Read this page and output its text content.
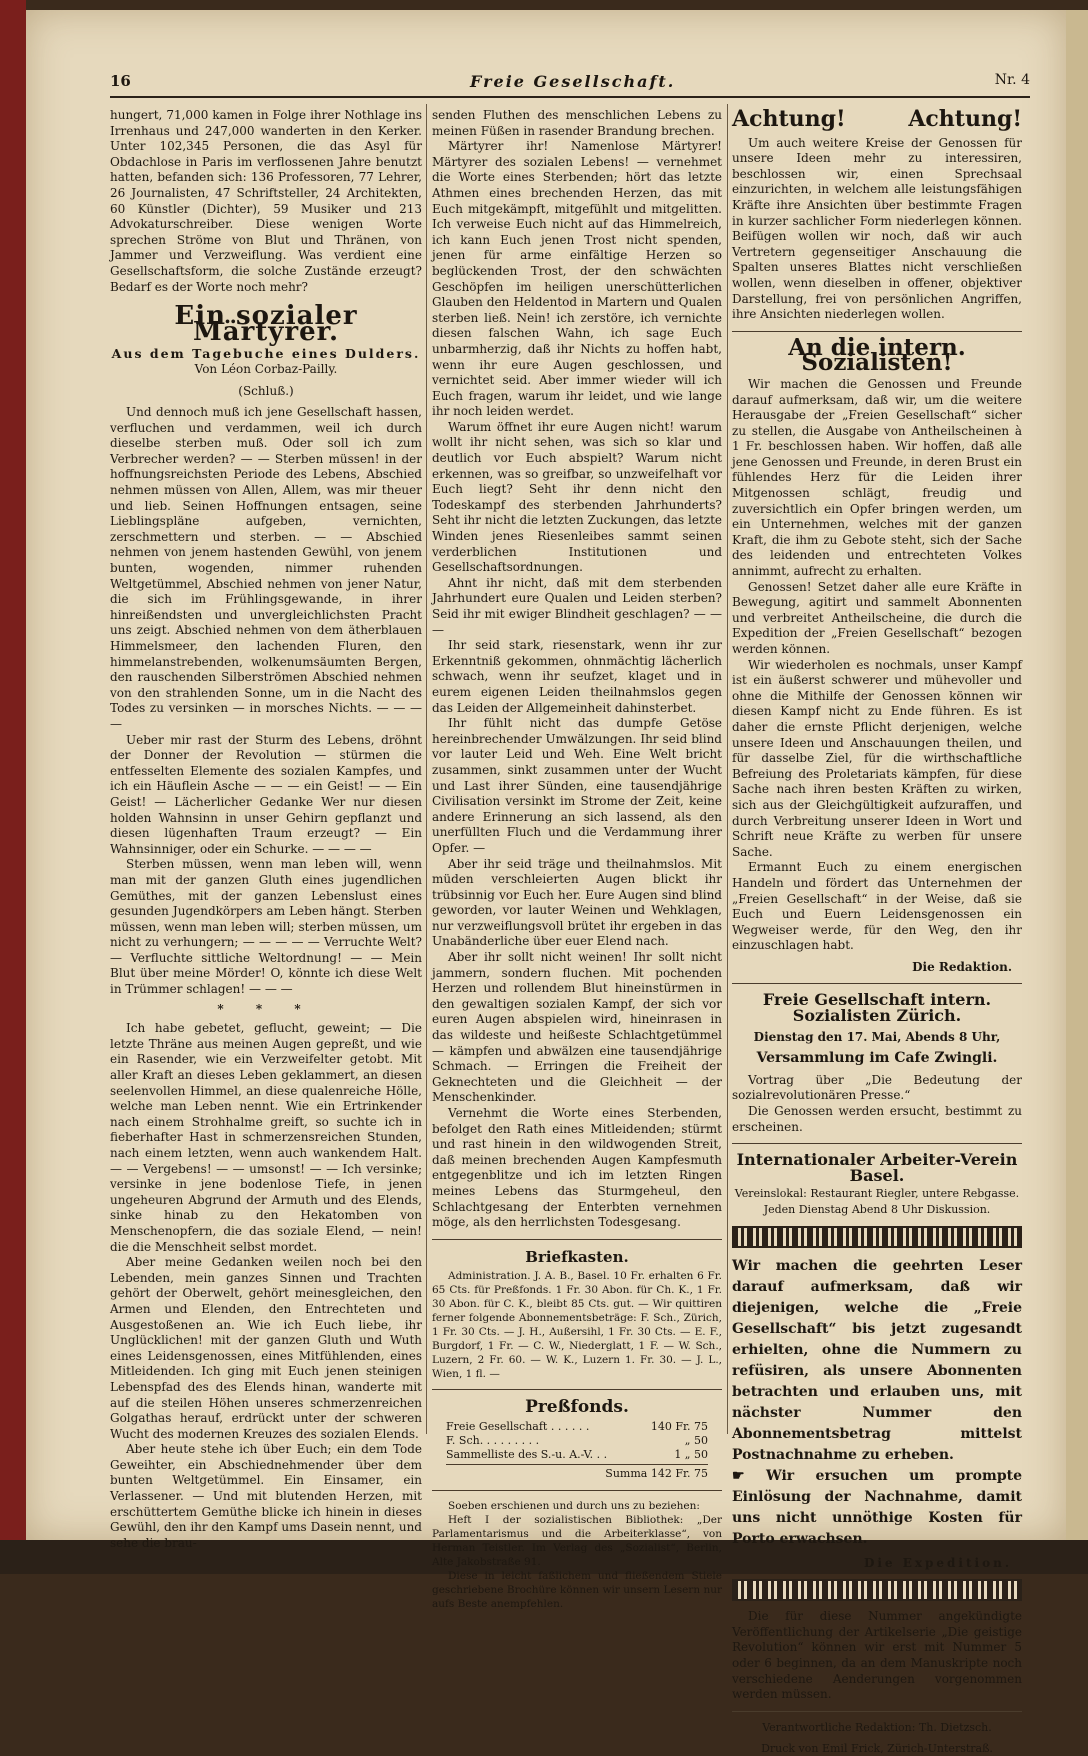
16	Freie Gesellschaft.	Nr. 4

hungert, 71,000 kamen in Folge ihrer Nothlage ins Irrenhaus und 247,000 wanderten in den Kerker. Unter 102,345 Personen, die das Asyl für Obdachlose in Paris im verflossenen Jahre benutzt hatten, befanden sich: 136 Professoren, 77 Lehrer, 26 Journalisten, 47 Schriftsteller, 24 Architekten, 60 Künstler (Dichter), 59 Musiker und 213 Advokaturschreiber. Diese wenigen Worte sprechen Ströme von Blut und Thränen, von Jammer und Verzweiflung. Was verdient eine Gesellschaftsform, die solche Zustände erzeugt? Bedarf es der Worte noch mehr?

Ein sozialer Märtyrer.
Aus dem Tagebuche eines Dulders.
Von Léon Corbaz-Pailly.

(Schluß.)

Und dennoch muß ich jene Gesellschaft hassen, verfluchen und verdammen, weil ich durch dieselbe sterben muß. Oder soll ich zum Verbrecher werden? — — Sterben müssen! in der hoffnungsreichsten Periode des Lebens, Abschied nehmen müssen von Allen, Allem, was mir theuer und lieb. Seinen Hoffnungen entsagen, seine Lieblingspläne aufgeben, vernichten, zerschmettern und sterben. — — Abschied nehmen von jenem hastenden Gewühl, von jenem bunten, wogenden, nimmer ruhenden Weltgetümmel, Abschied nehmen von jener Natur, die sich im Frühlingsgewande, in ihrer hinreißendsten und unvergleichlichsten Pracht uns zeigt. Abschied nehmen von dem ätherblauen Himmelsmeer, den lachenden Fluren, den himmelanstrebenden, wolkenumsäumten Bergen, den rauschenden Silberströmen Abschied nehmen von den strahlenden Sonne, um in die Nacht des Todes zu versinken — in morsches Nichts. — — — —

Ueber mir rast der Sturm des Lebens, dröhnt der Donner der Revolution — stürmen die entfesselten Elemente des sozialen Kampfes, und ich ein Häuflein Asche — — — ein Geist! — — Ein Geist! — Lächerlicher Gedanke Wer nur diesen holden Wahnsinn in unser Gehirn gepflanzt und diesen lügenhaften Traum erzeugt? — Ein Wahnsinniger, oder ein Schurke. — — — —

Sterben müssen, wenn man leben will, wenn man mit der ganzen Gluth eines jugendlichen Gemüthes, mit der ganzen Lebenslust eines gesunden Jugendkörpers am Leben hängt. Sterben müssen, wenn man leben will; sterben müssen, um nicht zu verhungern; — — — — — Verruchte Welt? — Verfluchte sittliche Weltordnung! — — Mein Blut über meine Mörder! O, könnte ich diese Welt in Trümmer schlagen! — — —

* * *

Ich habe gebetet, geflucht, geweint; — Die letzte Thräne aus meinen Augen gepreßt, und wie ein Rasender, wie ein Verzweifelter getobt. Mit aller Kraft an dieses Leben geklammert, an diesen seelenvollen Himmel, an diese qualenreiche Hölle, welche man Leben nennt. Wie ein Ertrinkender nach einem Strohhalme greift, so suchte ich in fieberhafter Hast in schmerzensreichen Stunden, nach einem letzten, wenn auch wankendem Halt. — — Vergebens! — — umsonst! — — Ich versinke; versinke in jene bodenlose Tiefe, in jenen ungeheuren Abgrund der Armuth und des Elends, sinke hinab zu den Hekatomben von Menschenopfern, die das soziale Elend, — nein! die die Menschheit selbst mordet.

Aber meine Gedanken weilen noch bei den Lebenden, mein ganzes Sinnen und Trachten gehört der Oberwelt, gehört meinesgleichen, den Armen und Elenden, den Entrechteten und Ausgestoßenen an. Wie ich Euch liebe, ihr Unglücklichen! mit der ganzen Gluth und Wuth eines Leidensgenossen, eines Mitfühlenden, eines Mitleidenden. Ich ging mit Euch jenen steinigen Lebenspfad des des Elends hinan, wanderte mit auf die steilen Höhen unseres schmerzenreichen Golgathas herauf, erdrückt unter der schweren Wucht des modernen Kreuzes des sozialen Elends.

Aber heute stehe ich über Euch; ein dem Tode Geweihter, ein Abschiednehmender über dem bunten Weltgetümmel. Ein Einsamer, ein Verlassener. — Und mit blutenden Herzen, mit erschüttertem Gemüthe blicke ich hinein in dieses Gewühl, den ihr den Kampf ums Dasein nennt, und sehe die brau-

senden Fluthen des menschlichen Lebens zu meinen Füßen in rasender Brandung brechen.

Märtyrer ihr! Namenlose Märtyrer! Märtyrer des sozialen Lebens! — vernehmet die Worte eines Sterbenden; hört das letzte Athmen eines brechenden Herzen, das mit Euch mitgekämpft, mitgefühlt und mitgelitten. Ich verweise Euch nicht auf das Himmelreich, ich kann Euch jenen Trost nicht spenden, jenen für arme einfältige Herzen so beglückenden Trost, der den schwächten Geschöpfen im heiligen unerschütterlichen Glauben den Heldentod in Martern und Qualen sterben ließ. Nein! ich zerstöre, ich vernichte diesen falschen Wahn, ich sage Euch unbarmherzig, daß ihr Nichts zu hoffen habt, wenn ihr eure Augen geschlossen, und vernichtet seid. Aber immer wieder will ich Euch fragen, warum ihr leidet, und wie lange ihr noch leiden werdet.

Warum öffnet ihr eure Augen nicht! warum wollt ihr nicht sehen, was sich so klar und deutlich vor Euch abspielt? Warum nicht erkennen, was so greifbar, so unzweifelhaft vor Euch liegt? Seht ihr denn nicht den Todeskampf des sterbenden Jahrhunderts? Seht ihr nicht die letzten Zuckungen, das letzte Winden jenes Riesenleibes sammt seinen verderblichen Institutionen und Gesellschaftsordnungen.

Ahnt ihr nicht, daß mit dem sterbenden Jahrhundert eure Qualen und Leiden sterben? Seid ihr mit ewiger Blindheit geschlagen? — — —

Ihr seid stark, riesenstark, wenn ihr zur Erkenntniß gekommen, ohnmächtig lächerlich schwach, wenn ihr seufzet, klaget und in eurem eigenen Leiden theilnahmslos gegen das Leiden der Allgemeinheit dahinsterbet.

Ihr fühlt nicht das dumpfe Getöse hereinbrechender Umwälzungen. Ihr seid blind vor lauter Leid und Weh. Eine Welt bricht zusammen, sinkt zusammen unter der Wucht und Last ihrer Sünden, eine tausendjährige Civilisation versinkt im Strome der Zeit, keine andere Erinnerung an sich lassend, als den unerfüllten Fluch und die Verdammung ihrer Opfer. —

Aber ihr seid träge und theilnahmslos. Mit müden verschleierten Augen blickt ihr trübsinnig vor Euch her. Eure Augen sind blind geworden, vor lauter Weinen und Wehklagen, nur verzweiflungsvoll brütet ihr ergeben in das Unabänderliche über euer Elend nach.

Aber ihr sollt nicht weinen! Ihr sollt nicht jammern, sondern fluchen. Mit pochenden Herzen und rollendem Blut hineinstürmen in den gewaltigen sozialen Kampf, der sich vor euren Augen abspielen wird, hineinrasen in das wildeste und heißeste Schlachtgetümmel — kämpfen und abwälzen eine tausendjährige Schmach. — Erringen die Freiheit der Geknechteten und die Gleichheit — der Menschenkinder.

Vernehmt die Worte eines Sterbenden, befolget den Rath eines Mitleidenden; stürmt und rast hinein in den wildwogenden Streit, daß meinen brechenden Augen Kampfesmuth entgegenblitze und ich im letzten Ringen meines Lebens das Sturmgeheul, den Schlachtgesang der Enterbten vernehmen möge, als den herrlichsten Todesgesang.

Briefkasten.

Administration. J. A. B., Basel. 10 Fr. erhalten 6 Fr. 65 Cts. für Preßfonds. 1 Fr. 30 Abon. für Ch. K., 1 Fr. 30 Abon. für C. K., bleibt 85 Cts. gut. — Wir quittiren ferner folgende Abonnementsbeträge: F. Sch., Zürich, 1 Fr. 30 Cts. — J. H., Außersihl, 1 Fr. 30 Cts. — E. F., Burgdorf, 1 Fr. — C. W., Niederglatt, 1 F. — W. Sch., Luzern, 2 Fr. 60. — W. K., Luzern 1. Fr. 30. — J. L., Wien, 1 fl. —

Preßfonds.
Freie Gesellschaft . . . . . .	140 Fr. 75
F. Sch. . . . . . . . .	„ 50
Sammelliste des S.-u. A.-V. . .	1 „ 50
Summa 142 Fr. 75

Soeben erschienen und durch uns zu beziehen:

Heft I der sozialistischen Bibliothek: „Der Parlamentarismus und die Arbeiterklasse“, von Herman Teistler. Im Verlag des „Sozialist“, Berlin, Alte Jakobstraße 91.

Diese in leicht faßlichem und fließendem Stiele geschriebene Brochüre können wir unsern Lesern nur aufs Beste anempfehlen.

Achtung!	Achtung!

Um auch weitere Kreise der Genossen für unsere Ideen mehr zu interessiren, beschlossen wir, einen Sprechsaal einzurichten, in welchem alle leistungsfähigen Kräfte ihre Ansichten über bestimmte Fragen in kurzer sachlicher Form niederlegen können. Beifügen wollen wir noch, daß wir auch Vertretern gegenseitiger Anschauung die Spalten unseres Blattes nicht verschließen wollen, wenn dieselben in offener, objektiver Darstellung, frei von persönlichen Angriffen, ihre Ansichten niederlegen wollen.

An die intern. Sozialisten!

Wir machen die Genossen und Freunde darauf aufmerksam, daß wir, um die weitere Herausgabe der „Freien Gesellschaft“ sicher zu stellen, die Ausgabe von Antheilscheinen à 1 Fr. beschlossen haben. Wir hoffen, daß alle jene Genossen und Freunde, in deren Brust ein fühlendes Herz für die Leiden ihrer Mitgenossen schlägt, freudig und zuversichtlich ein Opfer bringen werden, um ein Unternehmen, welches mit der ganzen Kraft, die ihm zu Gebote steht, sich der Sache des leidenden und entrechteten Volkes annimmt, aufrecht zu erhalten.

Genossen! Setzet daher alle eure Kräfte in Bewegung, agitirt und sammelt Abonnenten und verbreitet Antheilscheine, die durch die Expedition der „Freien Gesellschaft“ bezogen werden können.

Wir wiederholen es nochmals, unser Kampf ist ein äußerst schwerer und mühevoller und ohne die Mithilfe der Genossen können wir diesen Kampf nicht zu Ende führen. Es ist daher die ernste Pflicht derjenigen, welche unsere Ideen und Anschauungen theilen, und für dasselbe Ziel, für die wirthschaftliche Befreiung des Proletariats kämpfen, für diese Sache nach ihren besten Kräften zu wirken, sich aus der Gleichgültigkeit aufzuraffen, und durch Verbreitung unserer Ideen in Wort und Schrift neue Kräfte zu werben für unsere Sache.

Ermannt Euch zu einem energischen Handeln und fördert das Unternehmen der „Freien Gesellschaft“ in der Weise, daß sie Euch und Euern Leidensgenossen ein Wegweiser werde, für den Weg, den ihr einzuschlagen habt.

Die Redaktion.
Freie Gesellschaft intern. Sozialisten Zürich.
Dienstag den 17. Mai, Abends 8 Uhr,
Versammlung im Cafe Zwingli.

Vortrag über „Die Bedeutung der sozialrevolutionären Presse.“

Die Genossen werden ersucht, bestimmt zu erscheinen.

Internationaler Arbeiter-Verein Basel.
Vereinslokal: Restaurant Riegler, untere Rebgasse.
Jeden Dienstag Abend 8 Uhr Diskussion.
Wir machen die geehrten Leser darauf aufmerksam, daß wir diejenigen, welche die „Freie Gesellschaft“ bis jetzt zugesandt erhielten, ohne die Nummern zu refüsiren, als unsere Abonnenten betrachten und erlauben uns, mit nächster Nummer den Abonnementsbetrag mittelst Postnachnahme zu erheben.
☛ Wir ersuchen um prompte Einlösung der Nachnahme, damit uns nicht unnöthige Kosten für Porto erwachsen.
Die Expedition.

Die für diese Nummer angekündigte Veröffentlichung der Artikelserie „Die geistige Revolution“ können wir erst mit Nummer 5 oder 6 beginnen, da an dem Manuskripte noch verschiedene Aenderungen vorgenommen werden müssen.

Verantwortliche Redaktion: Th. Dietzsch.
Druck von Emil Frick, Zürich-Unterstraß.
